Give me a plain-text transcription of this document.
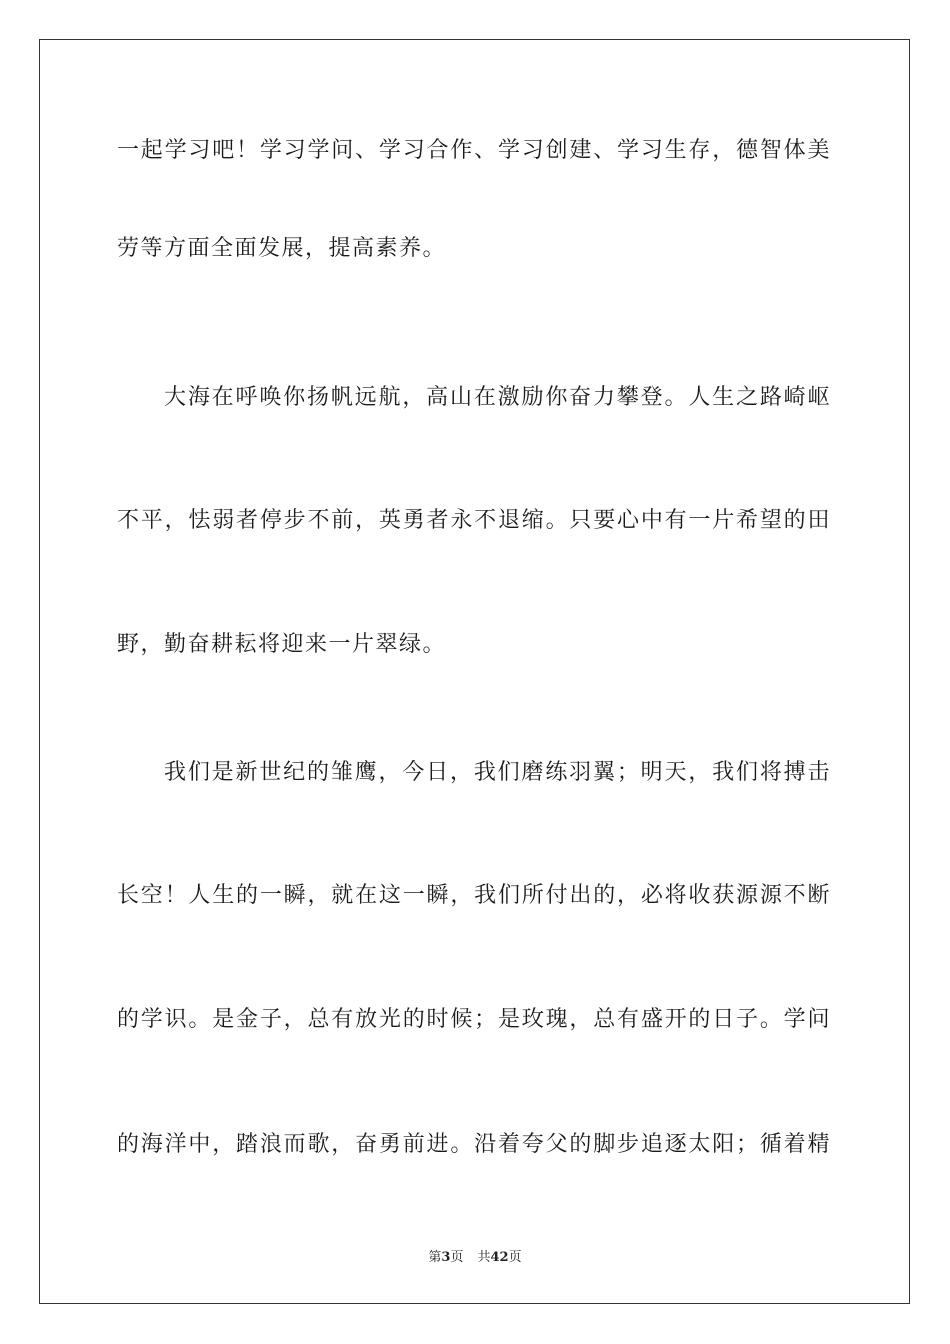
一起学习吧！学习学问、学习合作、学习创建、学习生存，德智体美
劳等方面全面发展，提高素养。
大海在呼唤你扬帆远航，高山在激励你奋力攀登。人生之路崎岖
不平，怯弱者停步不前，英勇者永不退缩。只要心中有一片希望的田
野，勤奋耕耘将迎来一片翠绿。
我们是新世纪的雏鹰，今日，我们磨练羽翼；明天，我们将搏击
长空！人生的一瞬，就在这一瞬，我们所付出的，必将收获源源不断
的学识。是金子，总有放光的时候；是玫瑰，总有盛开的日子。学问
的海洋中，踏浪而歌，奋勇前进。沿着夸父的脚步追逐太阳；循着精
第3页 共42页
